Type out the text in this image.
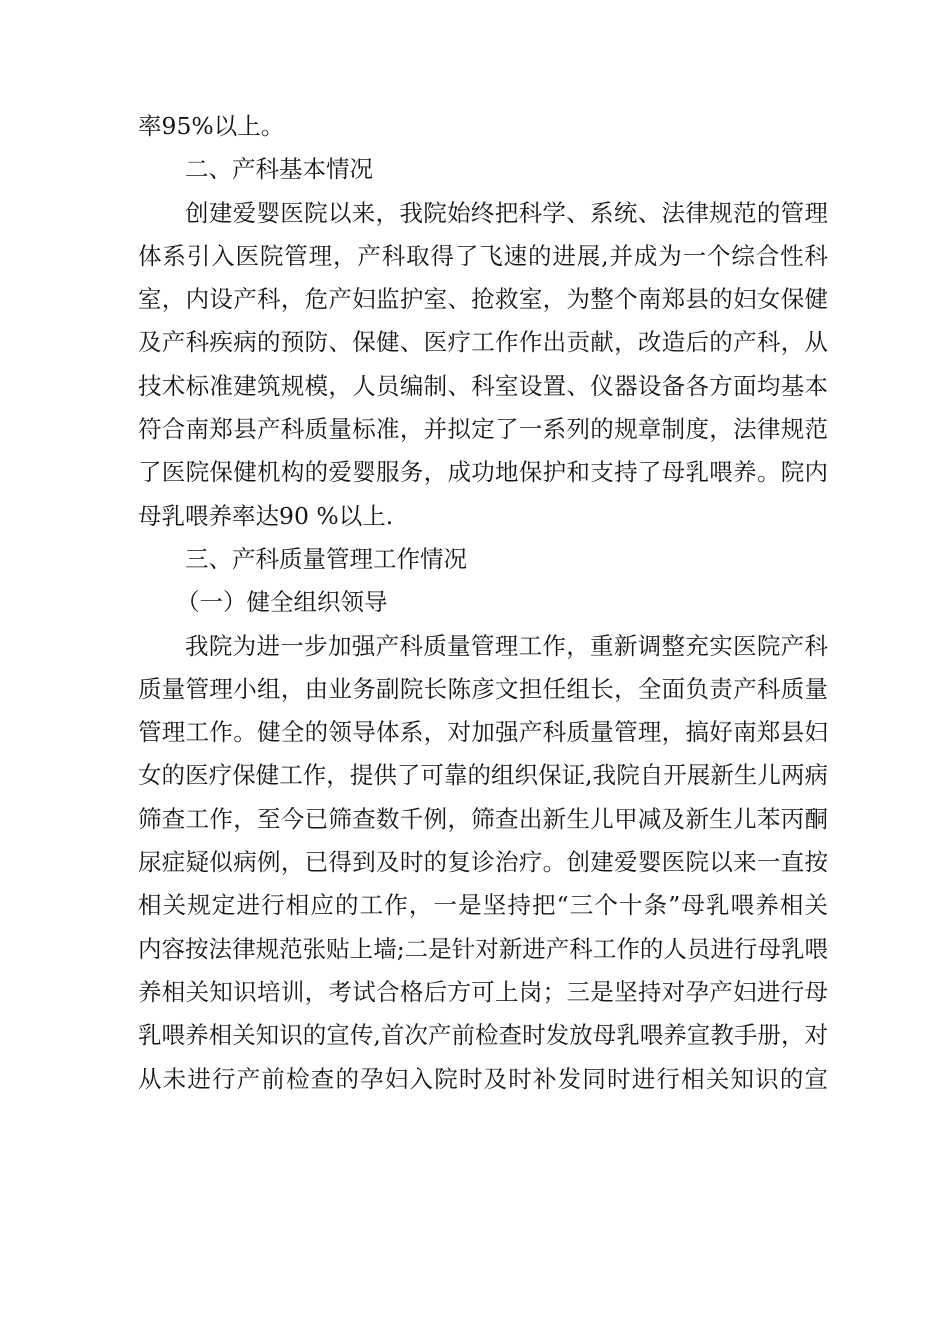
率95%以上。
二、产科基本情况
创建爱婴医院以来，我院始终把科学、系统、法律规范的管理
体系引入医院管理，产科取得了飞速的进展,并成为一个综合性科
室，内设产科，危产妇监护室、抢救室，为整个南郑县的妇女保健
及产科疾病的预防、保健、医疗工作作出贡献，改造后的产科，从
技术标准建筑规模，人员编制、科室设置、仪器设备各方面均基本
符合南郑县产科质量标准，并拟定了一系列的规章制度，法律规范
了医院保健机构的爱婴服务，成功地保护和支持了母乳喂养。院内
母乳喂养率达90 %以上.
三、产科质量管理工作情况
（一）健全组织领导
我院为进一步加强产科质量管理工作，重新调整充实医院产科
质量管理小组，由业务副院长陈彦文担任组长，全面负责产科质量
管理工作。健全的领导体系，对加强产科质量管理，搞好南郑县妇
女的医疗保健工作，提供了可靠的组织保证,我院自开展新生儿两病
筛查工作，至今已筛查数千例，筛查出新生儿甲减及新生儿苯丙酮
尿症疑似病例，已得到及时的复诊治疗。创建爱婴医院以来一直按
相关规定进行相应的工作，一是坚持把“三个十条”母乳喂养相关
内容按法律规范张贴上墙;二是针对新进产科工作的人员进行母乳喂
养相关知识培训，考试合格后方可上岗；三是坚持对孕产妇进行母
乳喂养相关知识的宣传,首次产前检查时发放母乳喂养宣教手册，对
从未进行产前检查的孕妇入院时及时补发同时进行相关知识的宣
